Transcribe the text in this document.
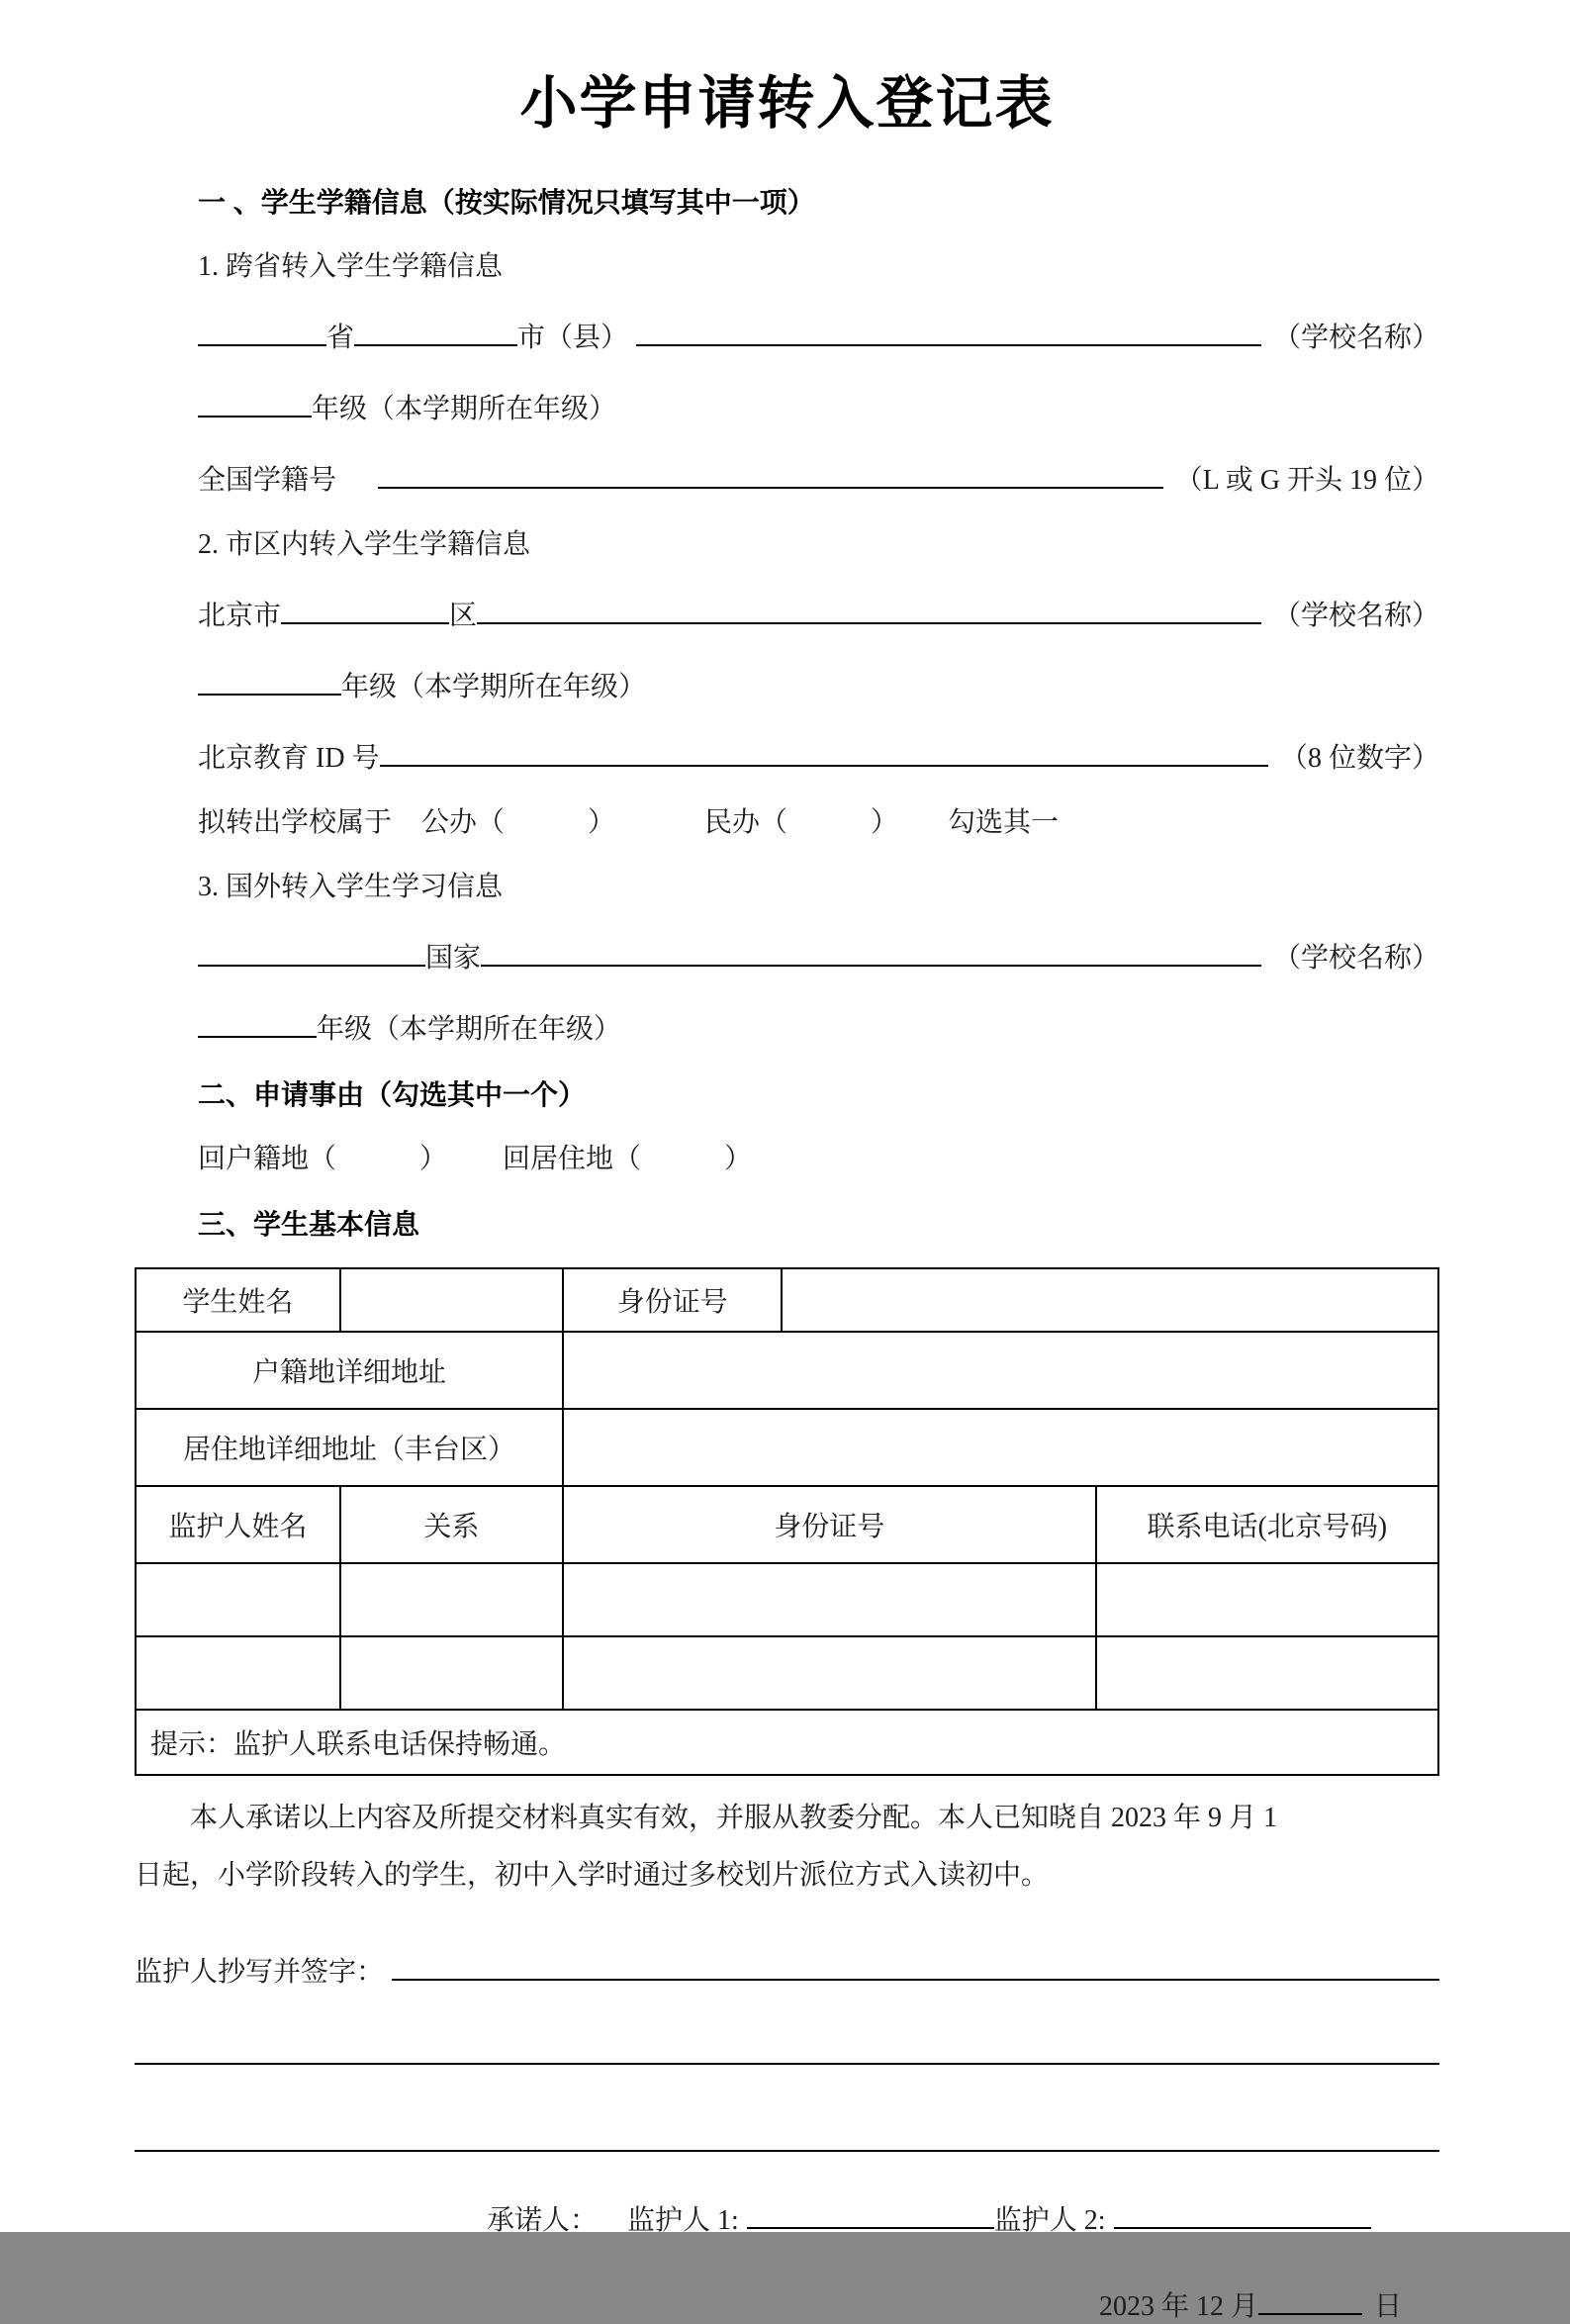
小学申请转入登记表
一 、学生学籍信息（按实际情况只填写其中一项）
1. 跨省转入学生学籍信息
省	市（县）	（学校名称）
年级（本学期所在年级）
全国学籍号	（L 或 G 开头 19 位）
2. 市区内转入学生学籍信息
北京市	区	（学校名称）
年级（本学期所在年级）
北京教育 ID 号	（8 位数字）
拟转出学校属于 公办（　　　）	民办（　　　） 勾选其一
3. 国外转入学生学习信息
国家	（学校名称）
年级（本学期所在年级）
二、申请事由（勾选其中一个）
回户籍地（　　　） 回居住地（　　　）
三、学生基本信息
学生姓名		身份证号		
户籍地详细地址				
居住地详细地址（丰台区）				
监护人姓名	关系	身份证号		联系电话(北京号码)

提示：监护人联系电话保持畅通。				

本人承诺以上内容及所提交材料真实有效，并服从教委分配。本人已知晓自 2023 年 9 月 1
日起，小学阶段转入的学生，初中入学时通过多校划片派位方式入读初中。

监护人抄写并签字：
承诺人： 监护人 1:	监护人 2:
2023 年 12 月	日
